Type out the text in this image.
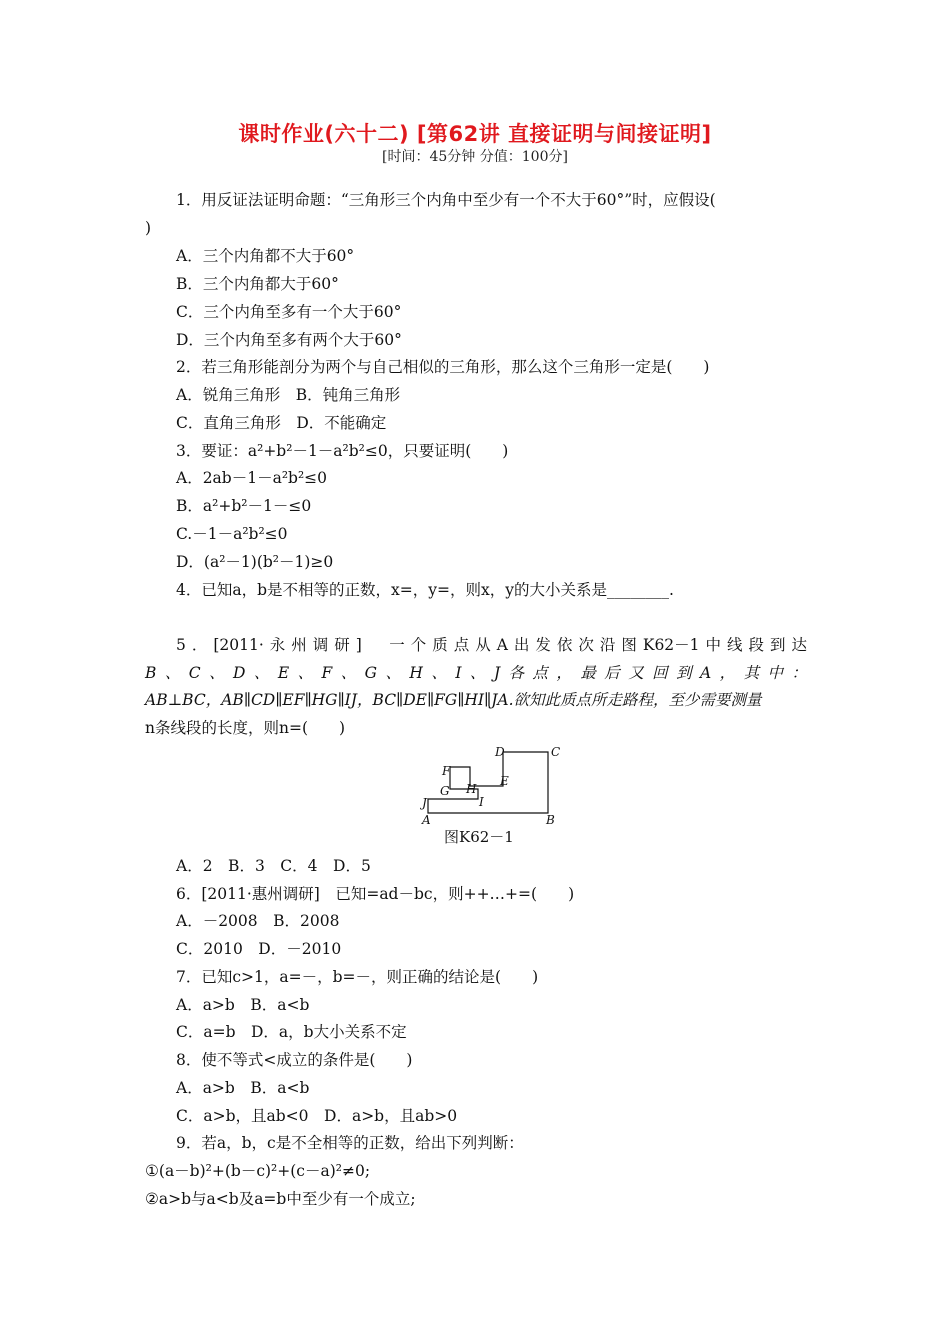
课时作业(六十二) [第62讲 直接证明与间接证明]
[时间：45分钟 分值：100分]
1．用反证法证明命题：“三角形三个内角中至少有一个不大于60°”时，应假设(
)
A．三个内角都不大于60°
B．三个内角都大于60°
C．三个内角至多有一个大于60°
D．三个内角至多有两个大于60°
2．若三角形能剖分为两个与自己相似的三角形，那么这个三角形一定是(　　)
A．锐角三角形　B．钝角三角形
C．直角三角形　D．不能确定
3．要证：a²+b²－1－a²b²≤0，只要证明(　　)
A．2ab－1－a²b²≤0
B．a²+b²－1－≤0
C.－1－a²b²≤0
D．(a²－1)(b²－1)≥0
4．已知a，b是不相等的正数，x=，y=，则x，y的大小关系是________.
5．[2011·永州调研]　一个质点从A出发依次沿图K62－1中线段到达
B、C、D、E、F、G、H、I、J各点，最后又回到A，其中：
AB⊥BC，AB∥CD∥EF∥HG∥IJ，BC∥DE∥FG∥HI∥JA.欲知此质点所走路程，至少需要测量
n条线段的长度，则n=(　　)
D	C
F
E
G H
J	I
A	B
图K62－1
A．2　B．3　C．4　D．5
6．[2011·惠州调研]　已知=ad－bc，则++…+=(　　)
A．－2008　B．2008
C．2010　D．－2010
7．已知c>1，a=－，b=－，则正确的结论是(　　)
A．a>b　B．a<b
C．a=b　D．a，b大小关系不定
8．使不等式<成立的条件是(　　)
A．a>b　B．a<b
C．a>b，且ab<0　D．a>b，且ab>0
9．若a，b，c是不全相等的正数，给出下列判断：
①(a－b)²+(b－c)²+(c－a)²≠0;
②a>b与a<b及a=b中至少有一个成立;
